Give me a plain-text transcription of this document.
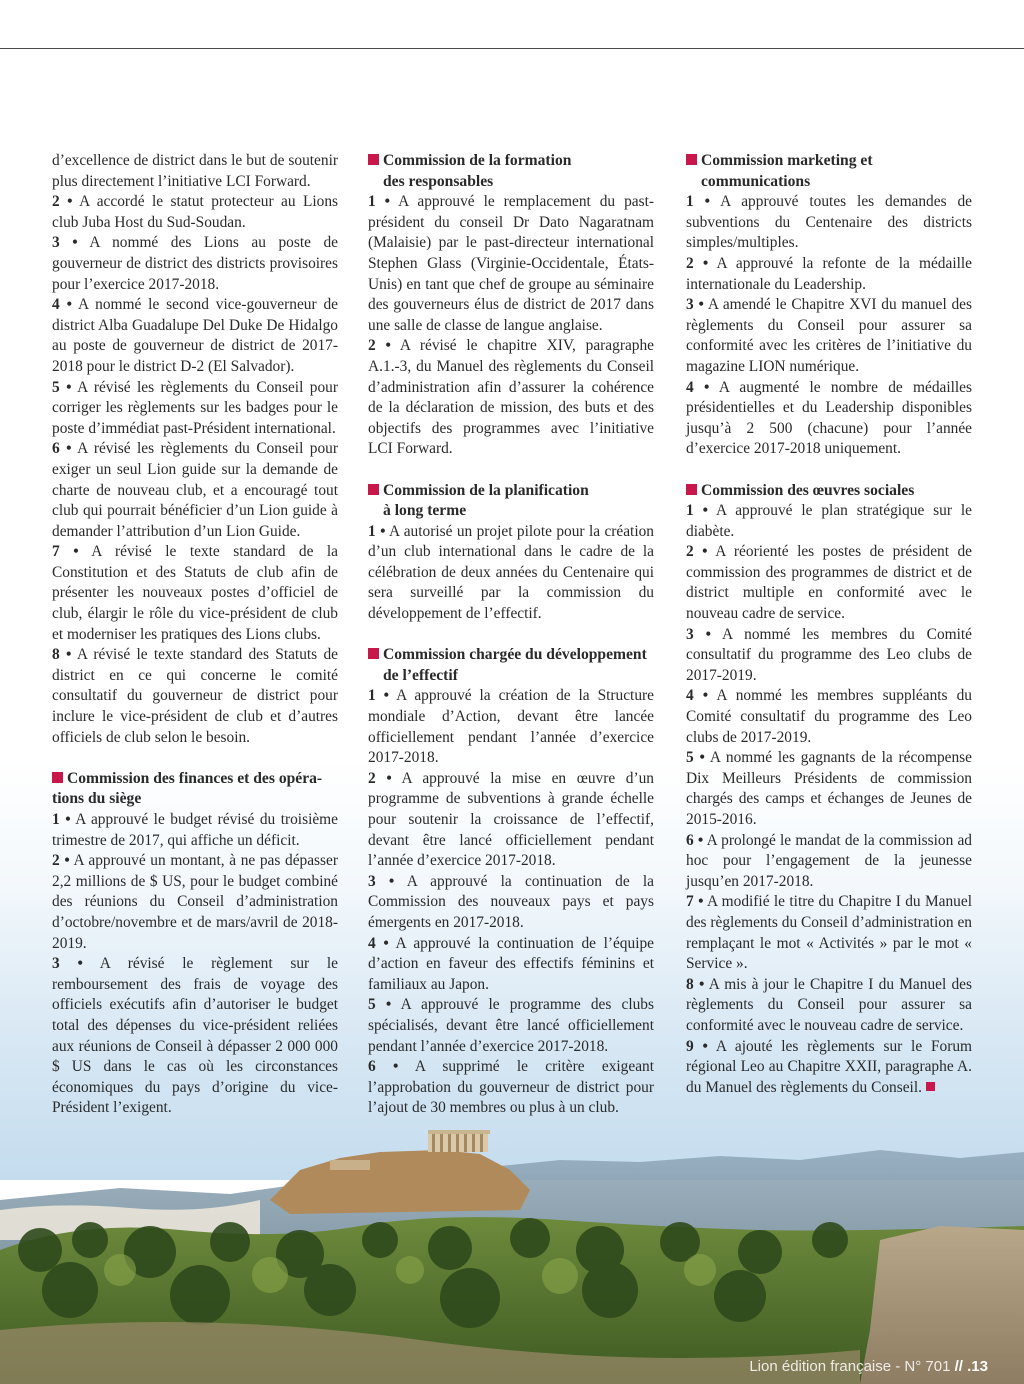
d’excellence de district dans le but de soutenir plus directement l’initiative LCI Forward.

2 • A accordé le statut protecteur au Lions club Juba Host du Sud-Soudan.

3 • A nommé des Lions au poste de gouverneur de district des districts provisoires pour l’exercice 2017-2018.

4 • A nommé le second vice-gouverneur de district Alba Guadalupe Del Duke De Hidalgo au poste de gouverneur de district de 2017-2018 pour le district D-2 (El Salvador).

5 • A révisé les règlements du Conseil pour corriger les règlements sur les badges pour le poste d’immédiat past-Président international.

6 • A révisé les règlements du Conseil pour exiger un seul Lion guide sur la demande de charte de nouveau club, et a encouragé tout club qui pourrait bénéficier d’un Lion guide à demander l’attribution d’un Lion Guide.

7 • A révisé le texte standard de la Constitution et des Statuts de club afin de présenter les nouveaux postes d’officiel de club, élargir le rôle du vice-président de club et moderniser les pratiques des Lions clubs.

8 • A révisé le texte standard des Statuts de district en ce qui concerne le comité consultatif du gouverneur de district pour inclure le vice-président de club et d’autres officiels de club selon le besoin.

Commission des finances et des opéra- tions du siège

1 • A approuvé le budget révisé du troisième trimestre de 2017, qui affiche un déficit.

2 • A approuvé un montant, à ne pas dépasser 2,2 millions de $ US, pour le budget combiné des réunions du Conseil d’administration d’octobre/novembre et de mars/avril de 2018-2019.

3 • A révisé le règlement sur le remboursement des frais de voyage des officiels exécutifs afin d’autoriser le budget total des dépenses du vice-président reliées aux réunions de Conseil à dépasser 2 000 000 $ US dans le cas où les circonstances économiques du pays d’origine du vice-Président l’exigent.

Commission de la formation
des responsables

1 • A approuvé le remplacement du past-président du conseil Dr Dato Nagaratnam (Malaisie) par le past-directeur international Stephen Glass (Virginie-Occidentale, États-Unis) en tant que chef de groupe au séminaire des gouverneurs élus de district de 2017 dans une salle de classe de langue anglaise.

2 • A révisé le chapitre XIV, paragraphe A.1.-3, du Manuel des règlements du Conseil d’administration afin d’assurer la cohérence de la déclaration de mission, des buts et des objectifs des programmes avec l’initiative LCI Forward.

Commission de la planification
à long terme

1 • A autorisé un projet pilote pour la création d’un club international dans le cadre de la célébration de deux années du Centenaire qui sera surveillé par la commission du développement de l’effectif.

Commission chargée du développement
de l’effectif

1 • A approuvé la création de la Structure mondiale d’Action, devant être lancée officiellement pendant l’année d’exercice 2017-2018.

2 • A approuvé la mise en œuvre d’un programme de subventions à grande échelle pour soutenir la croissance de l’effectif, devant être lancé officiellement pendant l’année d’exercice 2017-2018.

3 • A approuvé la continuation de la Commission des nouveaux pays et pays émergents en 2017-2018.

4 • A approuvé la continuation de l’équipe d’action en faveur des effectifs féminins et familiaux au Japon.

5 • A approuvé le programme des clubs spécialisés, devant être lancé officiellement pendant l’année d’exercice 2017-2018.

6 • A supprimé le critère exigeant l’approbation du gouverneur de district pour l’ajout de 30 membres ou plus à un club.

Commission marketing et
communications

1 • A approuvé toutes les demandes de subventions du Centenaire des districts simples/multiples.

2 • A approuvé la refonte de la médaille internationale du Leadership.

3 • A amendé le Chapitre XVI du manuel des règlements du Conseil pour assurer sa conformité avec les critères de l’initiative du magazine LION numérique.

4 • A augmenté le nombre de médailles présidentielles et du Leadership disponibles jusqu’à 2 500 (chacune) pour l’année d’exercice 2017-2018 uniquement.

Commission des œuvres sociales

1 • A approuvé le plan stratégique sur le diabète.

2 • A réorienté les postes de président de commission des programmes de district et de district multiple en conformité avec le nouveau cadre de service.

3 • A nommé les membres du Comité consultatif du programme des Leo clubs de 2017-2019.

4 • A nommé les membres suppléants du Comité consultatif du programme des Leo clubs de 2017-2019.

5 • A nommé les gagnants de la récompense Dix Meilleurs Présidents de commission chargés des camps et échanges de Jeunes de 2015-2016.

6 • A prolongé le mandat de la commission ad hoc pour l’engagement de la jeunesse jusqu’en 2017-2018.

7 • A modifié le titre du Chapitre I du Manuel des règlements du Conseil d’administration en remplaçant le mot « Activités » par le mot « Service ».

8 • A mis à jour le Chapitre I du Manuel des règlements du Conseil pour assurer sa conformité avec le nouveau cadre de service.

9 • A ajouté les règlements sur le Forum régional Leo au Chapitre XXII, paragraphe A. du Manuel des règlements du Conseil.

Lion édition française - N° 701 // .13
